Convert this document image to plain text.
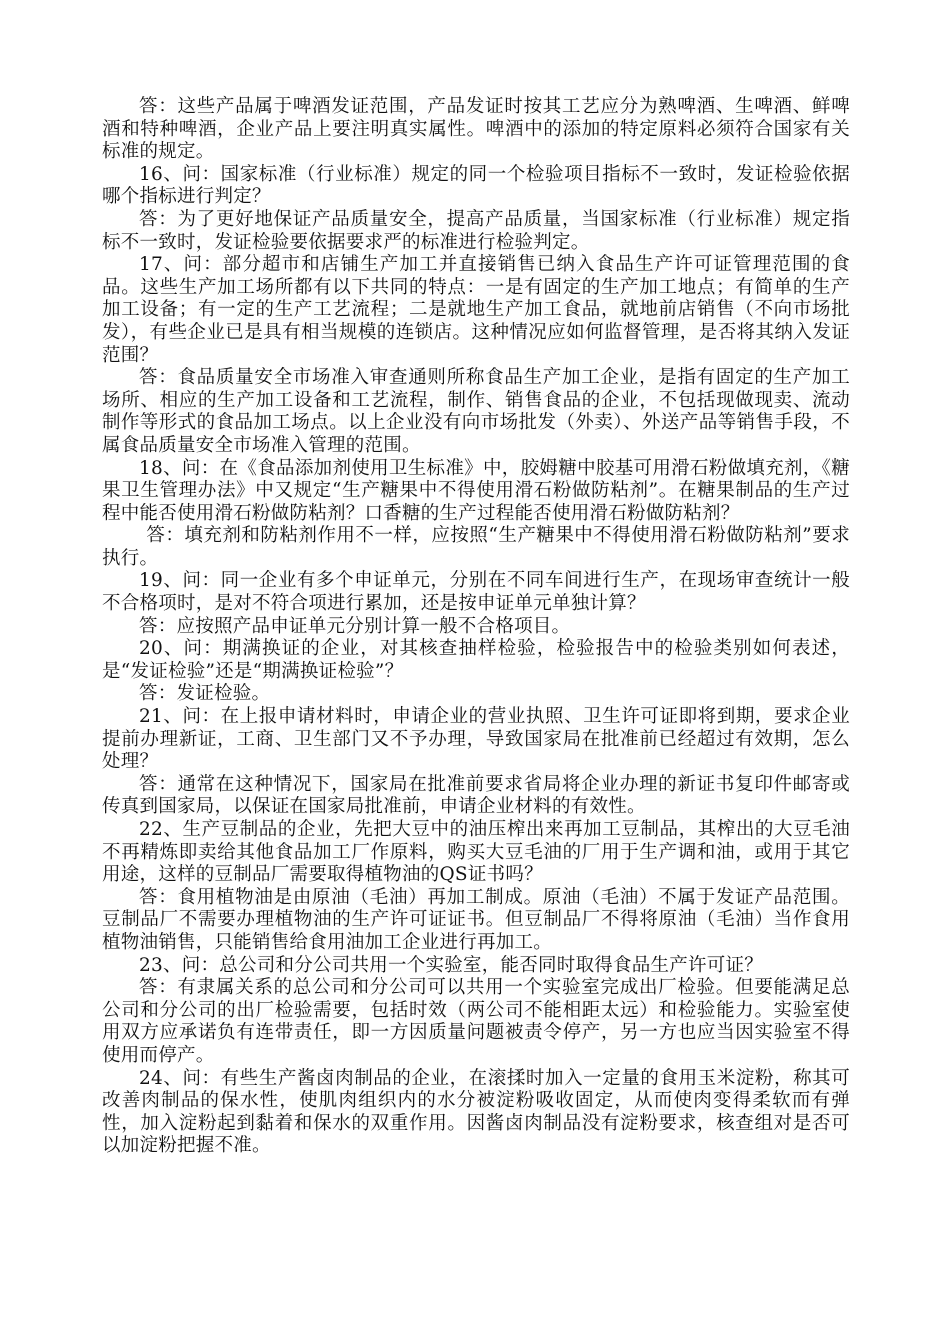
答：这些产品属于啤酒发证范围，产品发证时按其工艺应分为熟啤酒、生啤酒、鲜啤酒和特种啤酒，企业产品上要注明真实属性。啤酒中的添加的特定原料必须符合国家有关标准的规定。

16、问：国家标准（行业标准）规定的同一个检验项目指标不一致时，发证检验依据哪个指标进行判定？

答：为了更好地保证产品质量安全，提高产品质量，当国家标准（行业标准）规定指标不一致时，发证检验要依据要求严的标准进行检验判定。

17、问：部分超市和店铺生产加工并直接销售已纳入食品生产许可证管理范围的食品。这些生产加工场所都有以下共同的特点：一是有固定的生产加工地点；有简单的生产加工设备；有一定的生产工艺流程；二是就地生产加工食品，就地前店销售（不向市场批发），有些企业已是具有相当规模的连锁店。这种情况应如何监督管理，是否将其纳入发证范围？

答：食品质量安全市场准入审查通则所称食品生产加工企业，是指有固定的生产加工场所、相应的生产加工设备和工艺流程，制作、销售食品的企业，不包括现做现卖、流动制作等形式的食品加工场点。以上企业没有向市场批发（外卖）、外送产品等销售手段，不属食品质量安全市场准入管理的范围。

18、问：在《食品添加剂使用卫生标准》中，胶姆糖中胶基可用滑石粉做填充剂，《糖果卫生管理办法》中又规定“生产糖果中不得使用滑石粉做防粘剂”。在糖果制品的生产过程中能否使用滑石粉做防粘剂？口香糖的生产过程能否使用滑石粉做防粘剂？

答：填充剂和防粘剂作用不一样，应按照“生产糖果中不得使用滑石粉做防粘剂”要求执行。

19、问：同一企业有多个申证单元，分别在不同车间进行生产，在现场审查统计一般不合格项时，是对不符合项进行累加，还是按申证单元单独计算？

答：应按照产品申证单元分别计算一般不合格项目。

20、问：期满换证的企业，对其核查抽样检验，检验报告中的检验类别如何表述，是“发证检验”还是“期满换证检验”？

答：发证检验。

21、问：在上报申请材料时，申请企业的营业执照、卫生许可证即将到期，要求企业提前办理新证，工商、卫生部门又不予办理，导致国家局在批准前已经超过有效期，怎么处理？

答：通常在这种情况下，国家局在批准前要求省局将企业办理的新证书复印件邮寄或传真到国家局，以保证在国家局批准前，申请企业材料的有效性。

22、生产豆制品的企业，先把大豆中的油压榨出来再加工豆制品，其榨出的大豆毛油不再精炼即卖给其他食品加工厂作原料，购买大豆毛油的厂用于生产调和油，或用于其它用途，这样的豆制品厂需要取得植物油的QS证书吗？

答：食用植物油是由原油（毛油）再加工制成。原油（毛油）不属于发证产品范围。豆制品厂不需要办理植物油的生产许可证证书。但豆制品厂不得将原油（毛油）当作食用植物油销售，只能销售给食用油加工企业进行再加工。

23、问：总公司和分公司共用一个实验室，能否同时取得食品生产许可证？

答：有隶属关系的总公司和分公司可以共用一个实验室完成出厂检验。但要能满足总公司和分公司的出厂检验需要，包括时效（两公司不能相距太远）和检验能力。实验室使用双方应承诺负有连带责任，即一方因质量问题被责令停产，另一方也应当因实验室不得使用而停产。

24、问：有些生产酱卤肉制品的企业，在滚揉时加入一定量的食用玉米淀粉，称其可改善肉制品的保水性，使肌肉组织内的水分被淀粉吸收固定，从而使肉变得柔软而有弹性，加入淀粉起到黏着和保水的双重作用。因酱卤肉制品没有淀粉要求，核查组对是否可以加淀粉把握不准。
